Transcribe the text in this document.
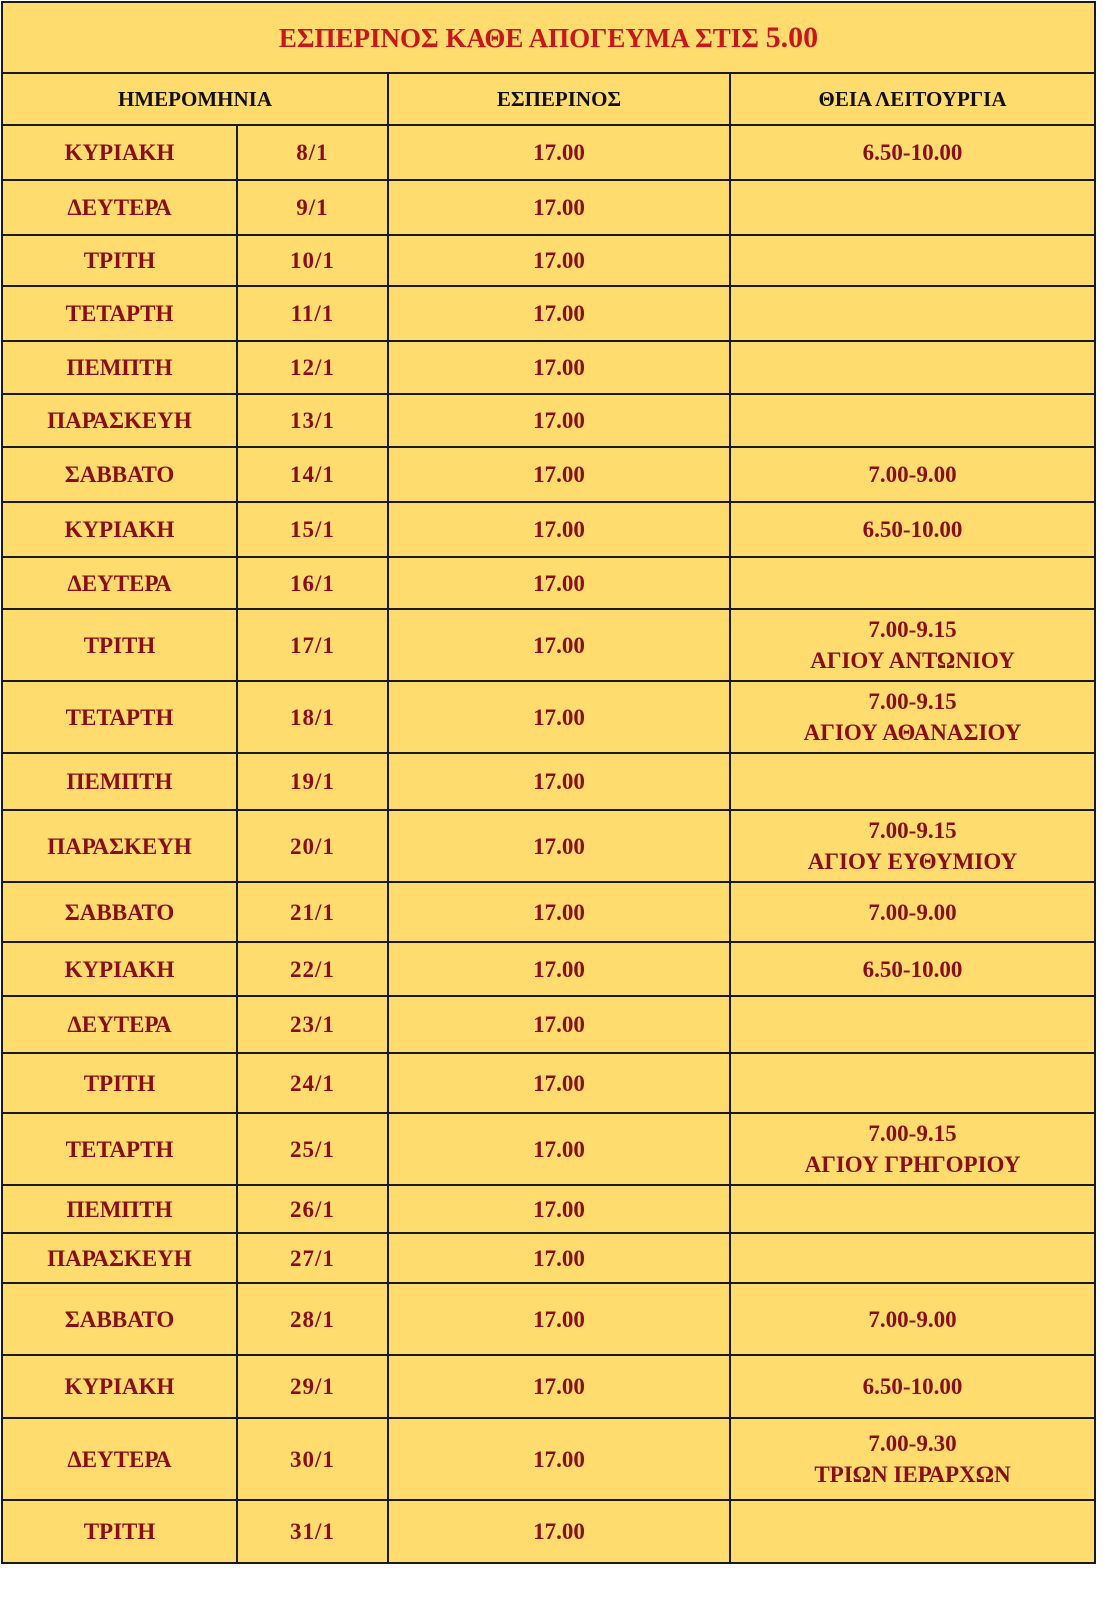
ΕΣΠΕΡΙΝΟΣ ΚΑΘΕ ΑΠΟΓΕΥΜΑ ΣΤΙΣ 5.00			
ΗΜΕΡΟΜΗΝΙΑ		ΕΣΠΕΡΙΝΟΣ	ΘΕΙΑ ΛΕΙΤΟΥΡΓΙΑ
ΚΥΡΙΑΚΗ	8/1	17.00	6.50-10.00

ΔΕΥΤΕΡΑ	9/1	17.00	
ΤΡΙΤΗ	10/1	17.00	
ΤΕΤΑΡΤΗ	11/1	17.00	
ΠΕΜΠΤΗ	12/1	17.00	
ΠΑΡΑΣΚΕΥΗ	13/1	17.00	
ΣΑΒΒΑΤΟ	14/1	17.00	7.00-9.00

ΚΥΡΙΑΚΗ	15/1	17.00	6.50-10.00

ΔΕΥΤΕΡΑ	16/1	17.00	
ΤΡΙΤΗ	17/1	17.00	7.00-9.15
ΑΓΙΟΥ ΑΝΤΩΝΙΟΥ

ΤΕΤΑΡΤΗ	18/1	17.00	7.00-9.15
ΑΓΙΟΥ ΑΘΑΝΑΣΙΟΥ

ΠΕΜΠΤΗ	19/1	17.00	
ΠΑΡΑΣΚΕΥΗ	20/1	17.00	7.00-9.15
ΑΓΙΟΥ ΕΥΘΥΜΙΟΥ

ΣΑΒΒΑΤΟ	21/1	17.00	7.00-9.00

ΚΥΡΙΑΚΗ	22/1	17.00	6.50-10.00

ΔΕΥΤΕΡΑ	23/1	17.00	
ΤΡΙΤΗ	24/1	17.00	
ΤΕΤΑΡΤΗ	25/1	17.00	7.00-9.15
ΑΓΙΟΥ ΓΡΗΓΟΡΙΟΥ

ΠΕΜΠΤΗ	26/1	17.00	
ΠΑΡΑΣΚΕΥΗ	27/1	17.00	
ΣΑΒΒΑΤΟ	28/1	17.00	7.00-9.00

ΚΥΡΙΑΚΗ	29/1	17.00	6.50-10.00

ΔΕΥΤΕΡΑ	30/1	17.00	7.00-9.30
ΤΡΙΩΝ ΙΕΡΑΡΧΩΝ

ΤΡΙΤΗ	31/1	17.00	
